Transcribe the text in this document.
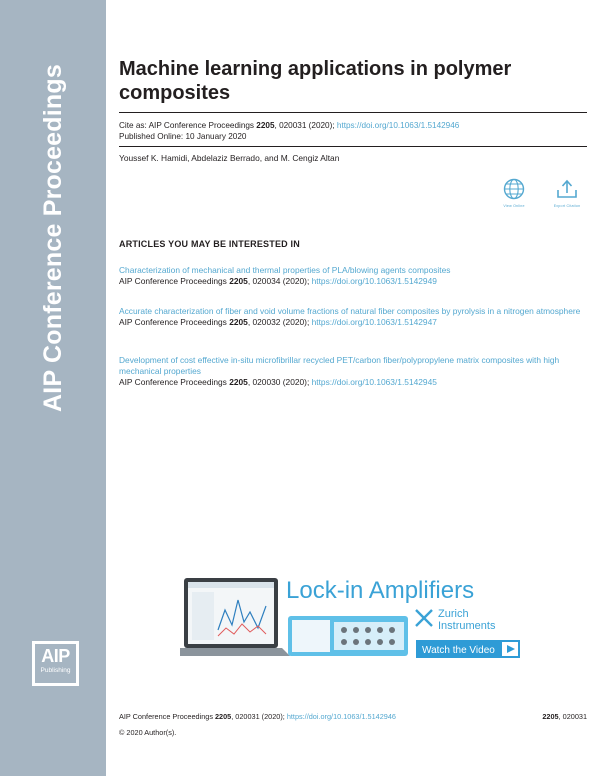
AIP Conference Proceedings
AIP
Publishing
Machine learning applications in polymer composites
Cite as: AIP Conference Proceedings 2205, 020031 (2020); https://doi.org/10.1063/1.5142946
Published Online: 10 January 2020
Youssef K. Hamidi, Abdelaziz Berrado, and M. Cengiz Altan
View Online	Export Citation
ARTICLES YOU MAY BE INTERESTED IN
Characterization of mechanical and thermal properties of PLA/blowing agents composites
AIP Conference Proceedings 2205, 020034 (2020); https://doi.org/10.1063/1.5142949
Accurate characterization of fiber and void volume fractions of natural fiber composites by pyrolysis in a nitrogen atmosphere
AIP Conference Proceedings 2205, 020032 (2020); https://doi.org/10.1063/1.5142947
Development of cost effective in-situ microfibrillar recycled PET/carbon fiber/polypropylene matrix composites with high mechanical properties
AIP Conference Proceedings 2205, 020030 (2020); https://doi.org/10.1063/1.5142945
Lock-in Amplifiers
Zurich
Instruments
Watch the Video
AIP Conference Proceedings 2205, 020031 (2020); https://doi.org/10.1063/1.5142946	2205, 020031
© 2020 Author(s).
